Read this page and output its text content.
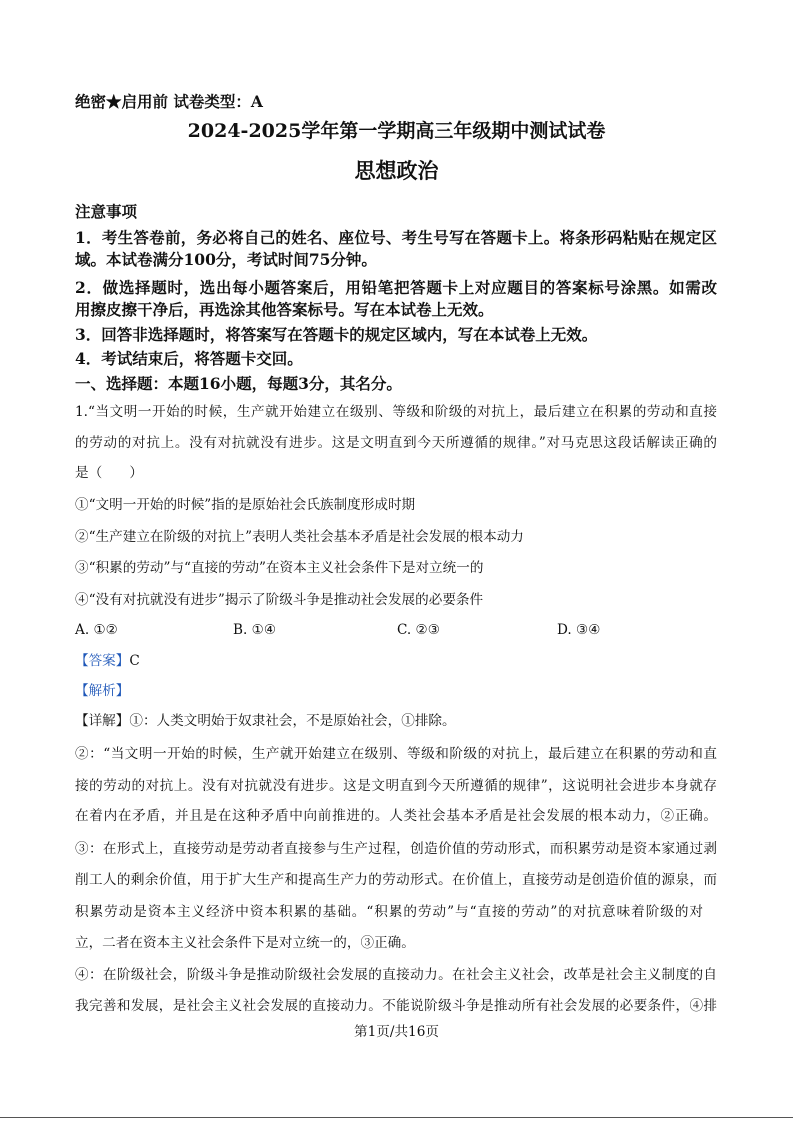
绝密★启用前 试卷类型：A
2024-2025学年第一学期高三年级期中测试试卷
思想政治
注意事项
1．考生答卷前，务必将自己的姓名、座位号、考生号写在答题卡上。将条形码粘贴在规定区
域。本试卷满分100分，考试时间75分钟。
2．做选择题时，选出每小题答案后，用铅笔把答题卡上对应题目的答案标号涂黑。如需改
用擦皮擦干净后，再选涂其他答案标号。写在本试卷上无效。
3．回答非选择题时，将答案写在答题卡的规定区域内，写在本试卷上无效。
4．考试结束后，将答题卡交回。
一、选择题：本题16小题，每题3分，其名分。
1.“当文明一开始的时候，生产就开始建立在级别、等级和阶级的对抗上，最后建立在积累的劳动和直接
的劳动的对抗上。没有对抗就没有进步。这是文明直到今天所遵循的规律。”对马克思这段话解读正确的
是（　　）
①“文明一开始的时候”指的是原始社会氏族制度形成时期
②“生产建立在阶级的对抗上”表明人类社会基本矛盾是社会发展的根本动力
③“积累的劳动”与“直接的劳动”在资本主义社会条件下是对立统一的
④“没有对抗就没有进步”揭示了阶级斗争是推动社会发展的必要条件
A. ①②	B. ①④	C. ②③	D. ③④
【答案】C
【解析】
【详解】①：人类文明始于奴隶社会，不是原始社会，①排除。
②：“当文明一开始的时候，生产就开始建立在级别、等级和阶级的对抗上，最后建立在积累的劳动和直
接的劳动的对抗上。没有对抗就没有进步。这是文明直到今天所遵循的规律”，这说明社会进步本身就存
在着内在矛盾，并且是在这种矛盾中向前推进的。人类社会基本矛盾是社会发展的根本动力，②正确。
③：在形式上，直接劳动是劳动者直接参与生产过程，创造价值的劳动形式，而积累劳动是资本家通过剥
削工人的剩余价值，用于扩大生产和提高生产力的劳动形式。在价值上，直接劳动是创造价值的源泉，而
积累劳动是资本主义经济中资本积累的基础。“积累的劳动”与“直接的劳动”的对抗意味着阶级的对
立，二者在资本主义社会条件下是对立统一的，③正确。
④：在阶级社会，阶级斗争是推动阶级社会发展的直接动力。在社会主义社会，改革是社会主义制度的自
我完善和发展，是社会主义社会发展的直接动力。不能说阶级斗争是推动所有社会发展的必要条件，④排
第1页/共16页
